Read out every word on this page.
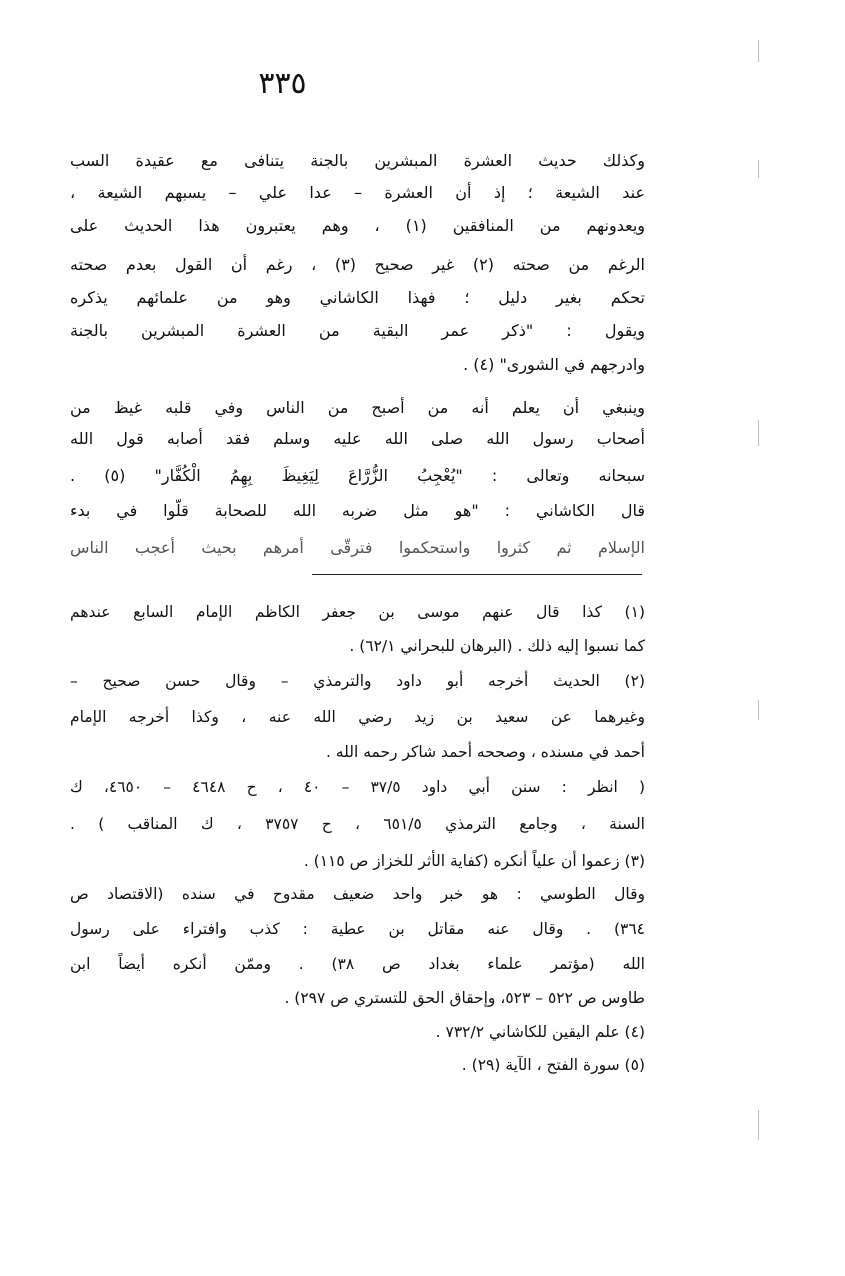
٣٣٥
وكذلك حديث العشرة المبشرين بالجنة يتنافى مع عقيدة السب
عند الشيعة ؛ إذ أن العشرة – عدا علي – يسبهم الشيعة ،
ويعدونهم من المنافقين (١) ، وهم يعتبرون هذا الحديث على
الرغم من صحته (٢) غير صحيح (٣) ، رغم أن القول بعدم صحته
تحكم بغير دليل ؛ فهذا الكاشاني وهو من علمائهم يذكره
ويقول : "ذكر عمر البقية من العشرة المبشرين بالجنة
وادرجهم في الشورى" (٤) .
وينبغي أن يعلم أنه من أصبح من الناس وفي قلبه غيظ من
أصحاب رسول الله صلى الله عليه وسلم فقد أصابه قول الله
سبحانه وتعالى : "يُعْجِبُ الزُّرَّاعَ لِيَغِيظَ بِهِمُ الْكُفَّار" (٥) .
قال الكاشاني : "هو مثل ضربه الله للصحابة قلّوا في بدء
الإسلام ثم كثروا واستحكموا فترقّى أمرهم بحيث أعجب الناس
(١) كذا قال عنهم موسى بن جعفر الكاظم الإمام السابع عندهم
كما نسبوا إليه ذلك . (البرهان للبحراني ٦٢/١) .
(٢) الحديث أخرجه أبو داود والترمذي – وقال حسن صحيح –
وغيرهما عن سعيد بن زيد رضي الله عنه ، وكذا أخرجه الإمام
أحمد في مسنده ، وصححه أحمد شاكر رحمه الله .
( انظر : سنن أبي داود ٣٧/٥ – ٤٠ ، ح ٤٦٤٨ – ٤٦٥٠، ك
السنة ، وجامع الترمذي ٦٥١/٥ ، ح ٣٧٥٧ ، ك المناقب ) .
(٣) زعموا أن علياً أنكره (كفاية الأثر للخزاز ص ١١٥) .
وقال الطوسي : هو خبر واحد ضعيف مقدوح في سنده (الاقتصاد ص
٣٦٤) . وقال عنه مقاتل بن عطية : كذب وافتراء على رسول
الله (مؤتمر علماء بغداد ص ٣٨) . وممّن أنكره أيضاً ابن
طاوس ص ٥٢٢ – ٥٢٣، وإحقاق الحق للتستري ص ٢٩٧) .
(٤) علم اليقين للكاشاني ٧٣٢/٢ .
(٥) سورة الفتح ، الآية (٢٩) .
